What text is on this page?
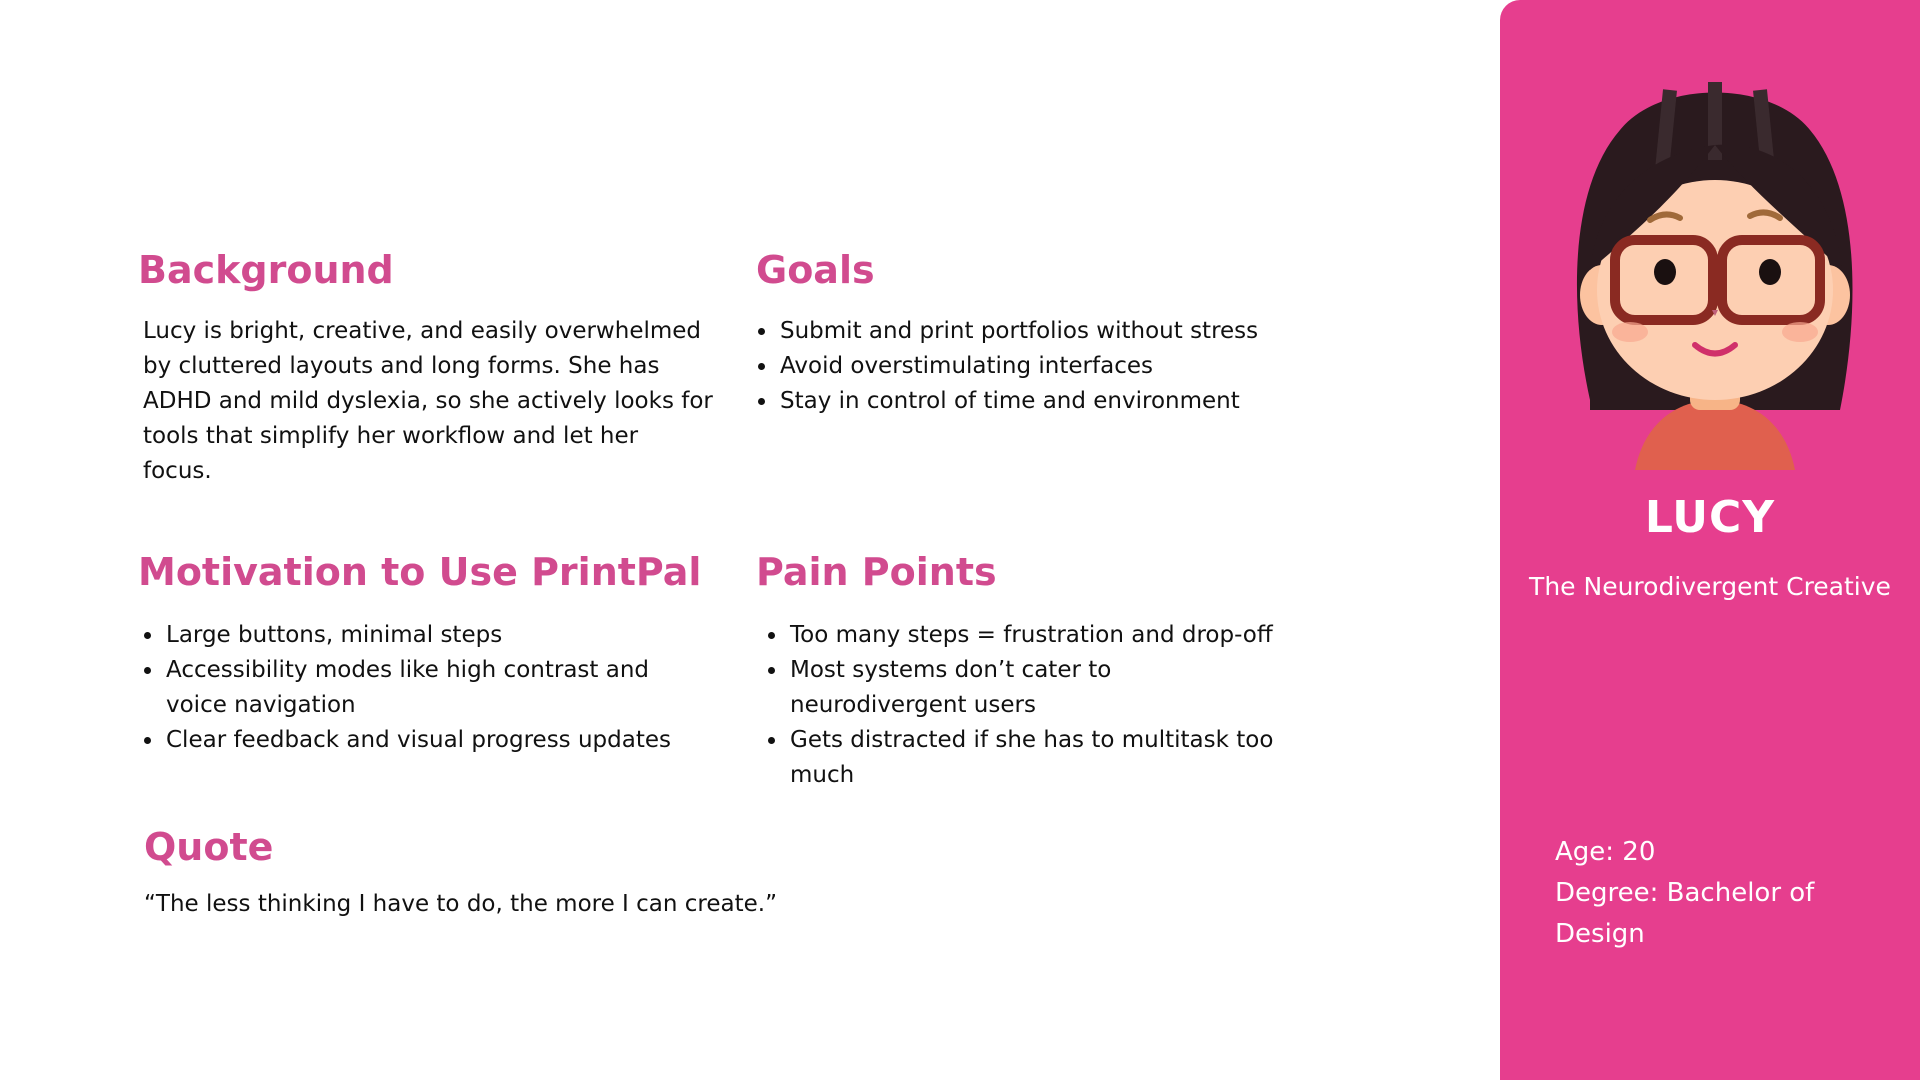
Background

Lucy is bright, creative, and easily overwhelmed by cluttered layouts and long forms. She has ADHD and mild dyslexia, so she actively looks for tools that simplify her workflow and let her focus.

Goals
Submit and print portfolios without stress
Avoid overstimulating interfaces
Stay in control of time and environment
Motivation to Use PrintPal
Large buttons, minimal steps
Accessibility modes like high contrast and voice navigation
Clear feedback and visual progress updates
Pain Points
Too many steps = frustration and drop-off
Most systems don’t cater to neurodivergent users
Gets distracted if she has to multitask too much
Quote

“The less thinking I have to do, the more I can create.”

LUCY
The Neurodivergent Creative
Age: 20
Degree: Bachelor of Design
